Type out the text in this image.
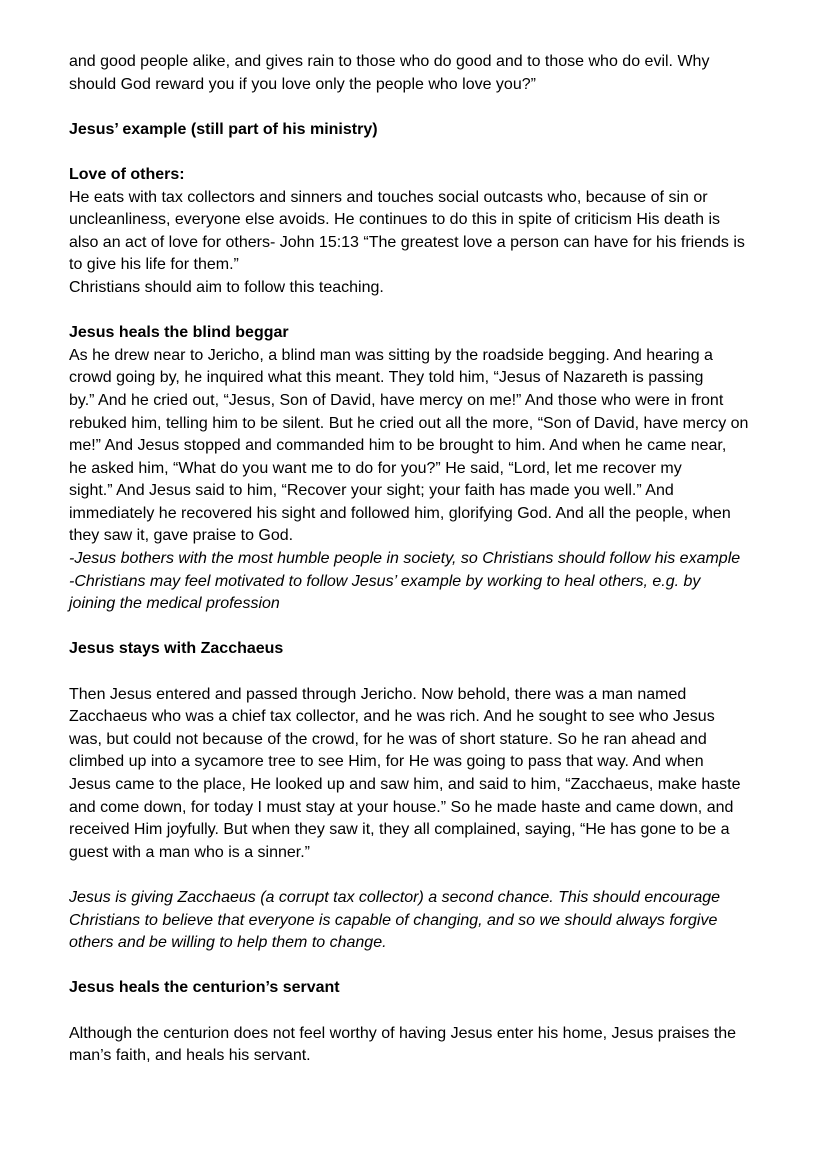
and good people alike, and gives rain to those who do good and to those who do evil. Why

should God reward you if you love only the people who love you?”

Jesus’ example (still part of his ministry)

Love of others:

He eats with tax collectors and sinners and touches social outcasts who, because of sin or

uncleanliness, everyone else avoids. He continues to do this in spite of criticism His death is

also an act of love for others- John 15:13 “The greatest love a person can have for his friends is

to give his life for them.”

Christians should aim to follow this teaching.

Jesus heals the blind beggar

As he drew near to Jericho, a blind man was sitting by the roadside begging. And hearing a

crowd going by, he inquired what this meant. They told him, “Jesus of Nazareth is passing

by.” And he cried out, “Jesus, Son of David, have mercy on me!” And those who were in front

rebuked him, telling him to be silent. But he cried out all the more, “Son of David, have mercy on

me!” And Jesus stopped and commanded him to be brought to him. And when he came near,

he asked him, “What do you want me to do for you?” He said, “Lord, let me recover my

sight.” And Jesus said to him, “Recover your sight; your faith has made you well.” And

immediately he recovered his sight and followed him, glorifying God. And all the people, when

they saw it, gave praise to God.

-Jesus bothers with the most humble people in society, so Christians should follow his example

-Christians may feel motivated to follow Jesus’ example by working to heal others, e.g. by

joining the medical profession

Jesus stays with Zacchaeus

Then Jesus entered and passed through Jericho. Now behold, there was a man named

Zacchaeus who was a chief tax collector, and he was rich. And he sought to see who Jesus

was, but could not because of the crowd, for he was of short stature. So he ran ahead and

climbed up into a sycamore tree to see Him, for He was going to pass that way. And when

Jesus came to the place, He looked up and saw him, and said to him, “Zacchaeus, make haste

and come down, for today I must stay at your house.” So he made haste and came down, and

received Him joyfully. But when they saw it, they all complained, saying, “He has gone to be a

guest with a man who is a sinner.”

Jesus is giving Zacchaeus (a corrupt tax collector) a second chance. This should encourage

Christians to believe that everyone is capable of changing, and so we should always forgive

others and be willing to help them to change.

Jesus heals the centurion’s servant

Although the centurion does not feel worthy of having Jesus enter his home, Jesus praises the

man’s faith, and heals his servant.
